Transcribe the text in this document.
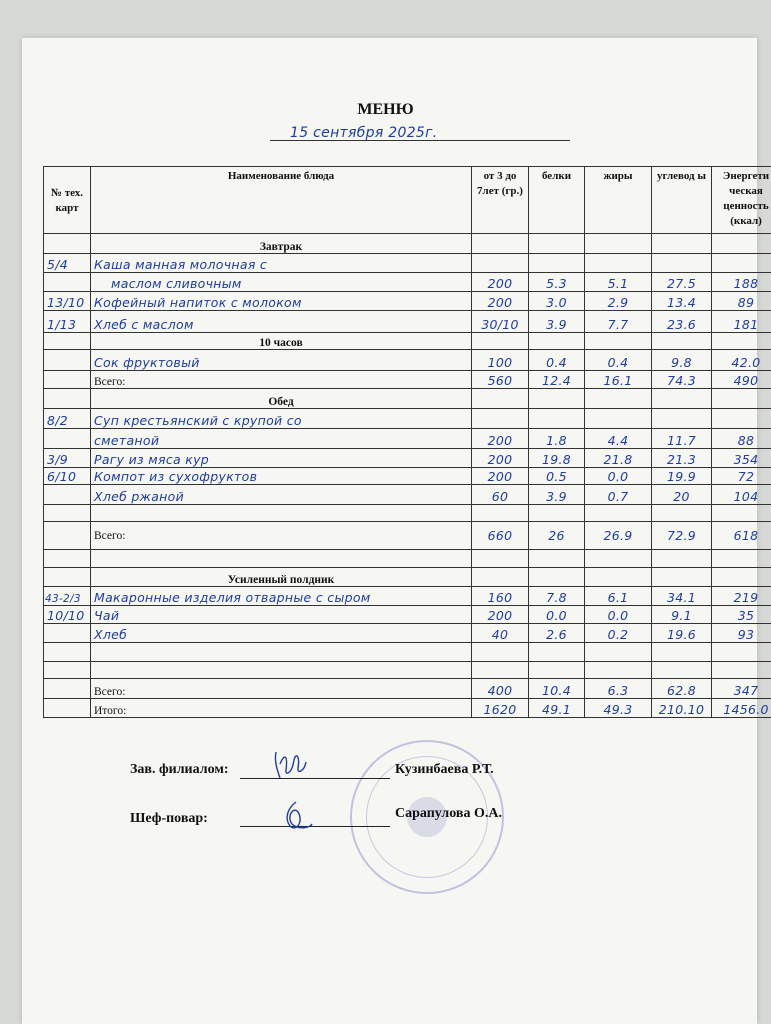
МЕНЮ
15 сентября 2025г.
№ тех. карт	Наименование блюда	от 3 до 7лет (гр.)	белки	жиры	углевод ы	Энергети ческая ценность (ккал)
	Завтрак					
5/4	Каша манная молочная с					
	маслом сливочным	200	5.3	5.1	27.5	188
13/10	Кофейный напиток с молоком	200	3.0	2.9	13.4	89
1/13	Хлеб с маслом	30/10	3.9	7.7	23.6	181
	10 часов					
	Сок фруктовый	100	0.4	0.4	9.8	42.0
	Всего:	560	12.4	16.1	74.3	490
	Обед					
8/2	Суп крестьянский с крупой со					
	сметаной	200	1.8	4.4	11.7	88
3/9	Рагу из мяса кур	200	19.8	21.8	21.3	354
6/10	Компот из сухофруктов	200	0.5	0.0	19.9	72
	Хлеб ржаной	60	3.9	0.7	20	104

	Всего:	660	26	26.9	72.9	618

	Усиленный полдник					
43-2/3	Макаронные изделия отварные с сыром	160	7.8	6.1	34.1	219
10/10	Чай	200	0.0	0.0	9.1	35
	Хлеб	40	2.6	0.2	19.6	93

	Всего:	400	10.4	6.3	62.8	347
	Итого:	1620	49.1	49.3	210.10	1456.0
Зав. филиалом:	Кузинбаева Р.Т.
Шеф-повар:	Сарапулова О.А.
